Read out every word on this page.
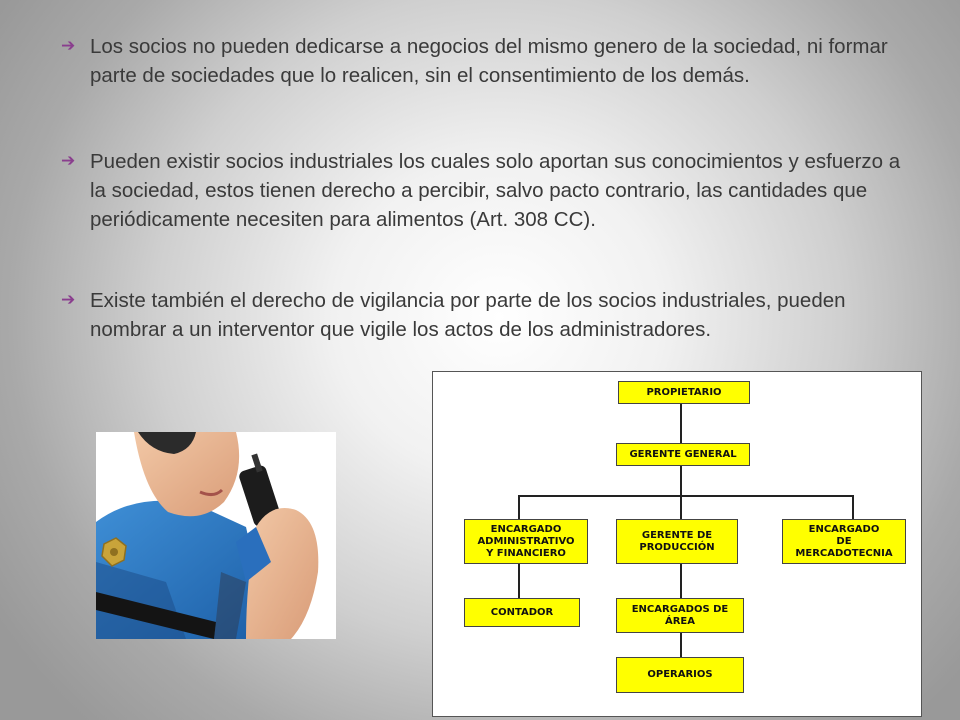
➔ Los socios no pueden dedicarse a negocios del mismo genero de la sociedad, ni formar parte de sociedades que lo realicen, sin el consentimiento de los demás.
➔ Pueden existir socios industriales los cuales solo aportan sus conocimientos y esfuerzo a la sociedad, estos tienen derecho a percibir, salvo pacto contrario, las cantidades que periódicamente necesiten para alimentos (Art. 308 CC).
➔ Existe también el derecho de vigilancia por parte de los socios industriales, pueden nombrar a un interventor que vigile los actos de los administradores.
PROPIETARIO
GERENTE GENERAL
ENCARGADO
ADMINISTRATIVO
Y FINANCIERO
GERENTE DE
PRODUCCIÓN
ENCARGADO
DE
MERCADOTECNIA
CONTADOR	ENCARGADOS DE
ÁREA
OPERARIOS
